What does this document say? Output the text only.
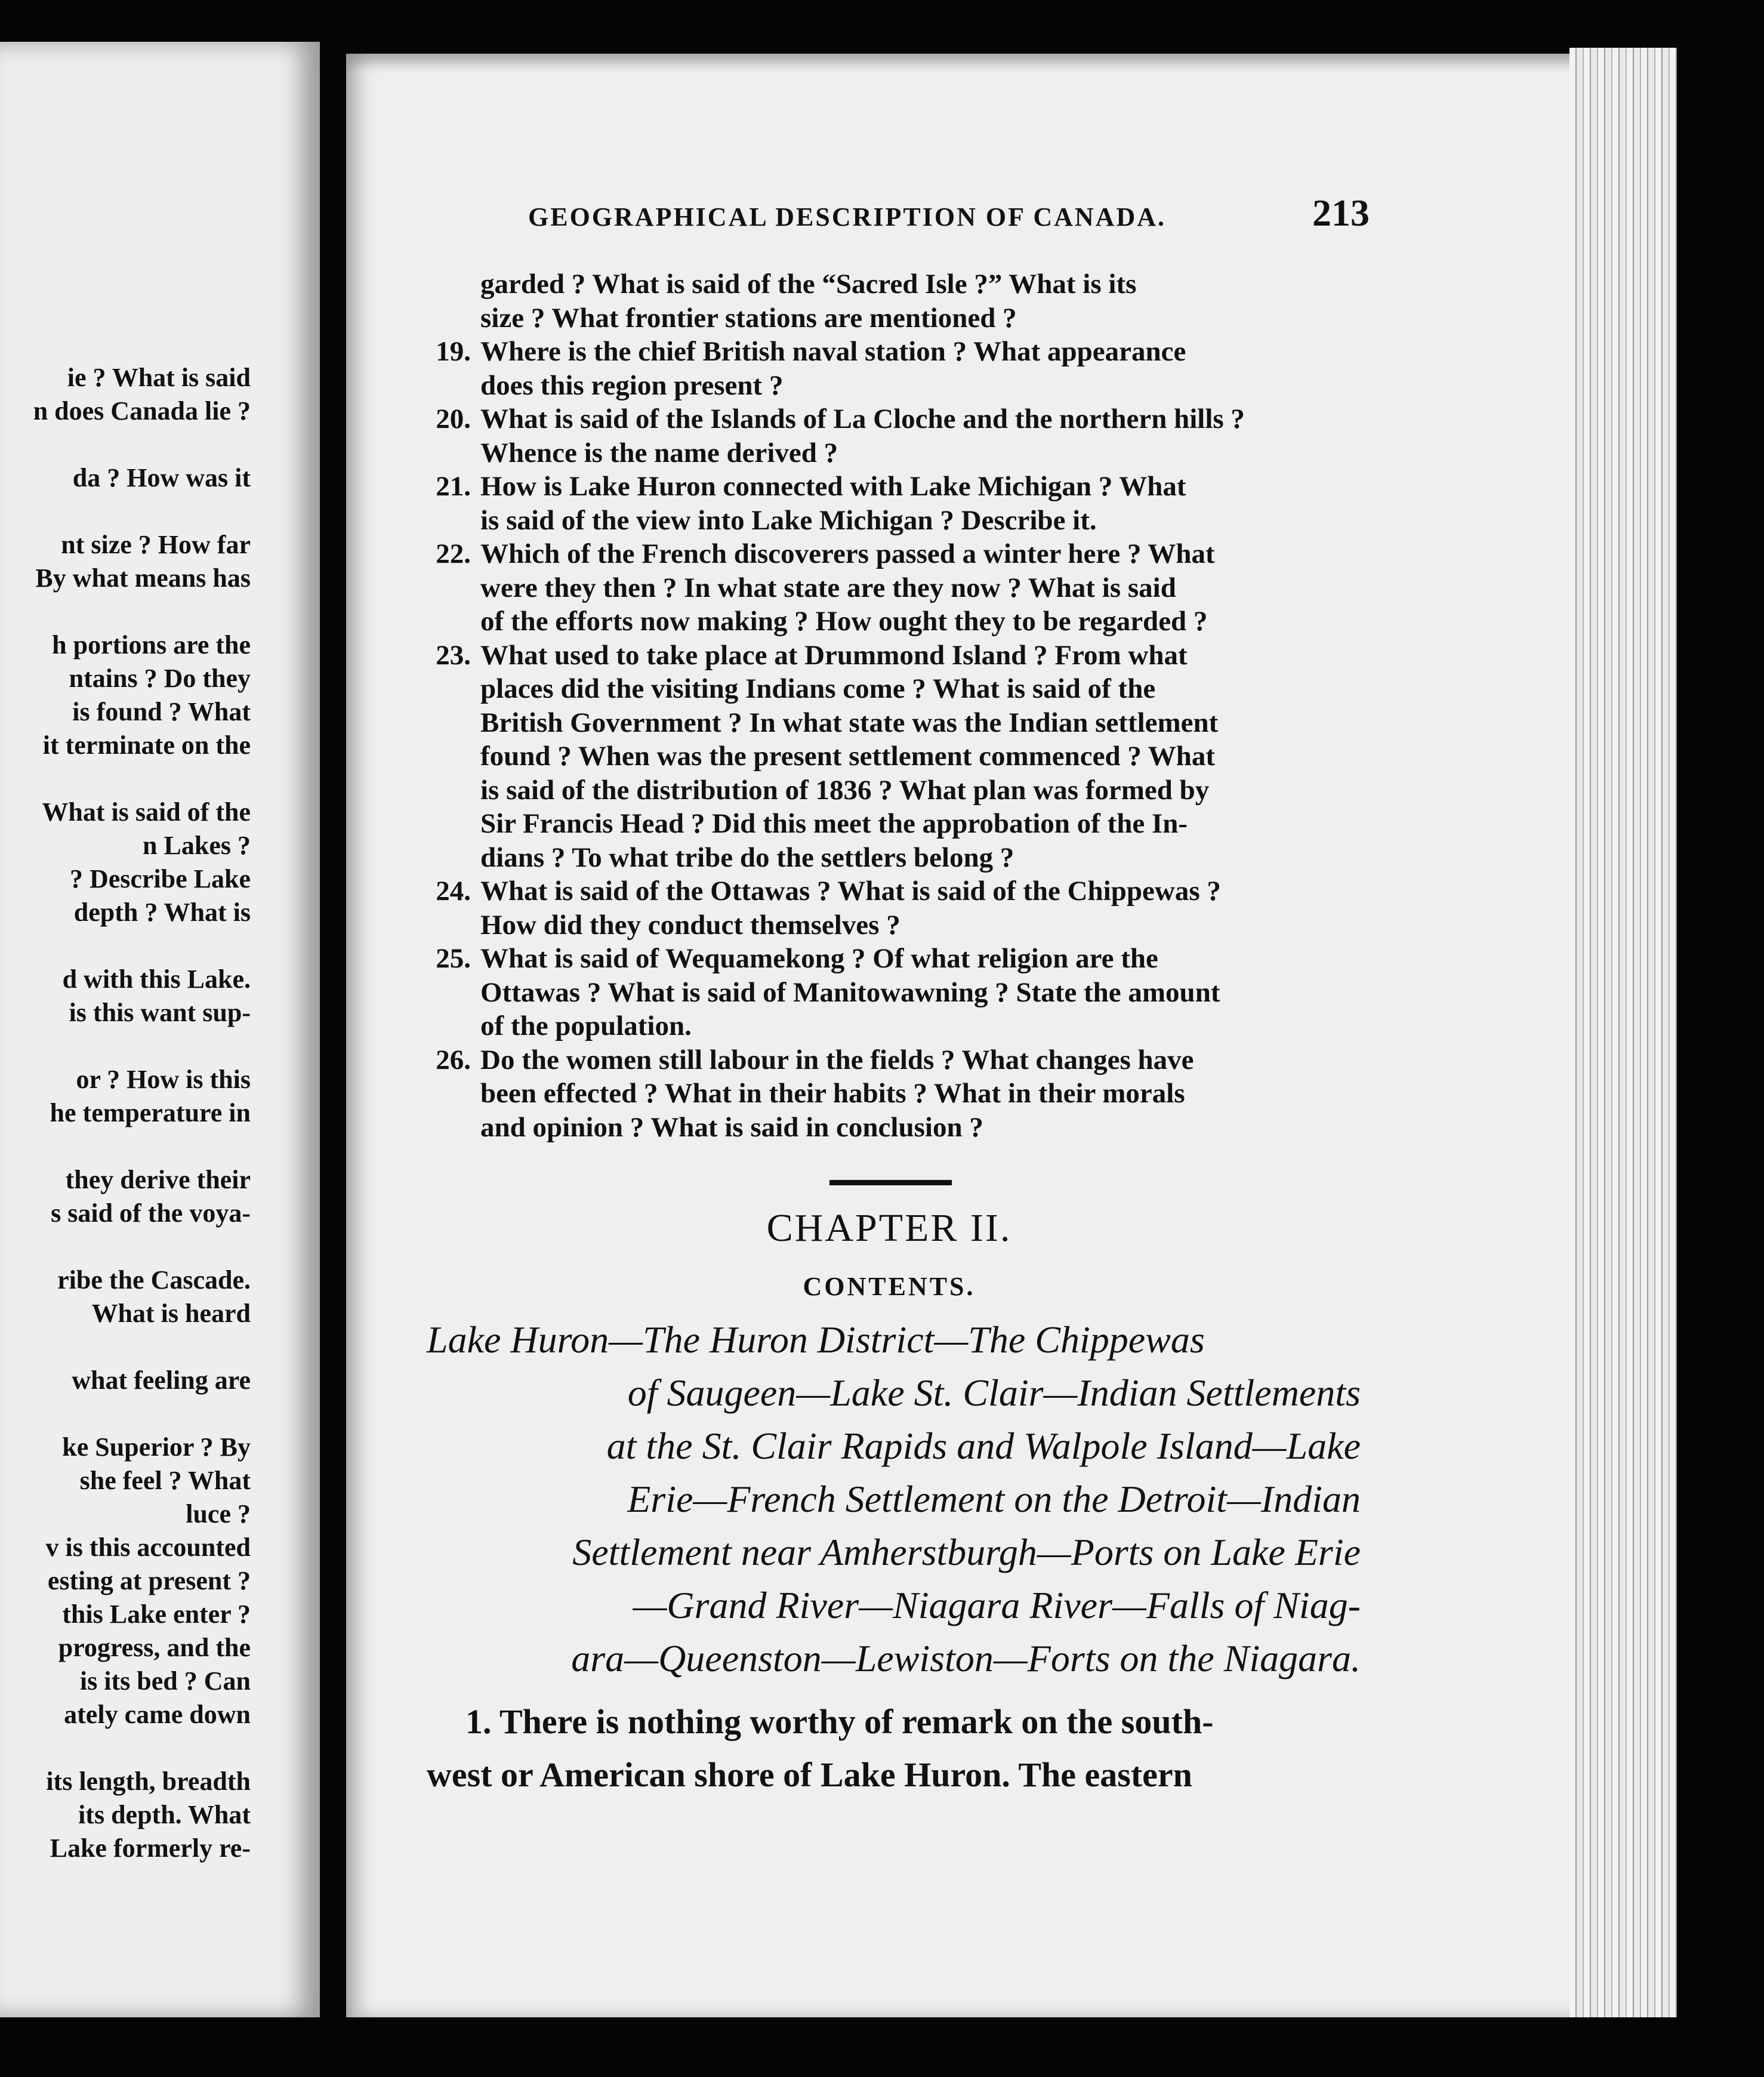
ie ? What is said
n does Canada lie ?
da ? How was it
nt size ? How far
By what means has
h portions are the
ntains ? Do they
is found ? What
it terminate on the
What is said of the
n Lakes ?
? Describe Lake
depth ? What is
d with this Lake.
is this want sup-
or ? How is this
he temperature in
they derive their
s said of the voya-
ribe the Cascade.
What is heard
what feeling are
ke Superior ? By
she feel ? What
luce ?
v is this accounted
esting at present ?
this Lake enter ?
progress, and the
is its bed ? Can
ately came down
its length, breadth
its depth. What
Lake formerly re-
GEOGRAPHICAL DESCRIPTION OF CANADA.	213
garded ? What is said of the “Sacred Isle ?” What is its
size ? What frontier stations are mentioned ?
19. Where is the chief British naval station ? What appearance
does this region present ?
20. What is said of the Islands of La Cloche and the northern hills ?
Whence is the name derived ?
21. How is Lake Huron connected with Lake Michigan ? What
is said of the view into Lake Michigan ? Describe it.
22. Which of the French discoverers passed a winter here ? What
were they then ? In what state are they now ? What is said
of the efforts now making ? How ought they to be regarded ?
23. What used to take place at Drummond Island ? From what
places did the visiting Indians come ? What is said of the
British Government ? In what state was the Indian settlement
found ? When was the present settlement commenced ? What
is said of the distribution of 1836 ? What plan was formed by
Sir Francis Head ? Did this meet the approbation of the In-
dians ? To what tribe do the settlers belong ?
24. What is said of the Ottawas ? What is said of the Chippewas ?
How did they conduct themselves ?
25. What is said of Wequamekong ? Of what religion are the
Ottawas ? What is said of Manitowawning ? State the amount
of the population.
26. Do the women still labour in the fields ? What changes have
been effected ? What in their habits ? What in their morals
and opinion ? What is said in conclusion ?
CHAPTER II.
CONTENTS.
Lake Huron—The Huron District—The Chippewas
of Saugeen—Lake St. Clair—Indian Settlements
at the St. Clair Rapids and Walpole Island—Lake
Erie—French Settlement on the Detroit—Indian
Settlement near Amherstburgh—Ports on Lake Erie
—Grand River—Niagara River—Falls of Niag-
ara—Queenston—Lewiston—Forts on the Niagara.
1. There is nothing worthy of remark on the south-
west or American shore of Lake Huron. The eastern
